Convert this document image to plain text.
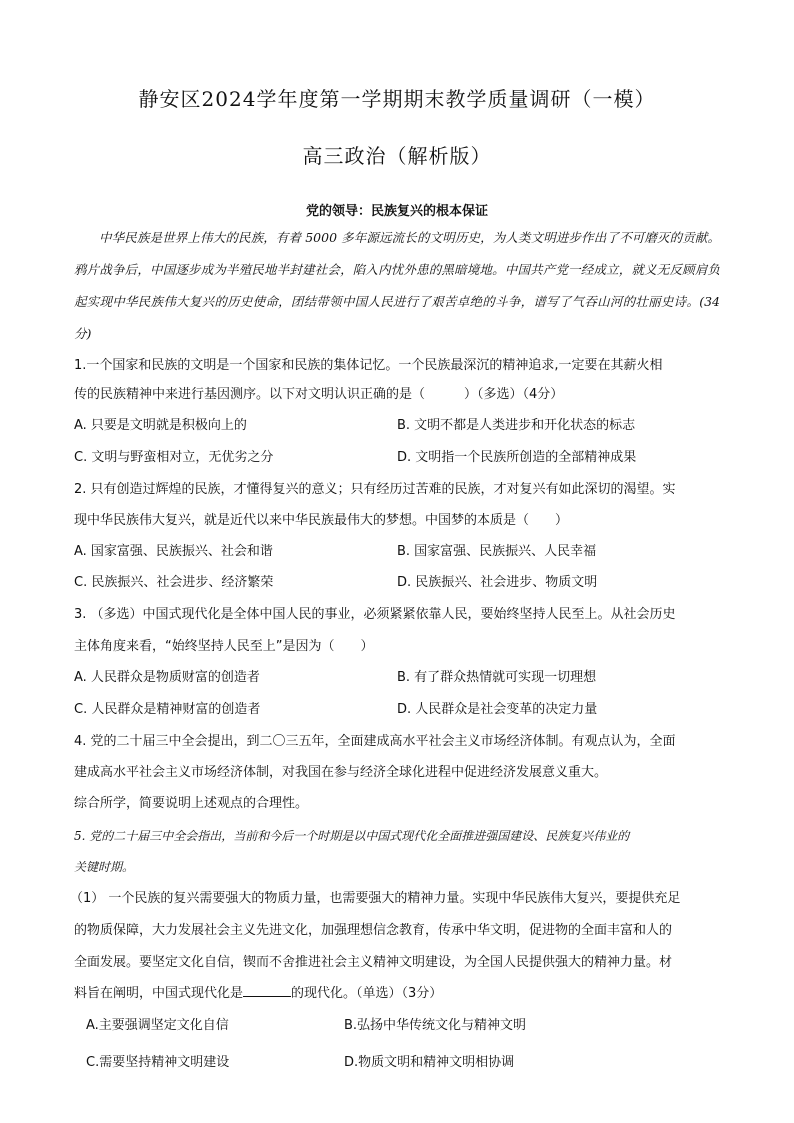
静安区2024学年度第一学期期末教学质量调研（一模）
高三政治（解析版）
党的领导：民族复兴的根本保证
中华民族是世界上伟大的民族，有着 5000 多年源远流长的文明历史，为人类文明进步作出了不可磨灭的贡献。鸦片战争后，中国逐步成为半殖民地半封建社会，陷入内忧外患的黑暗境地。中国共产党一经成立，就义无反顾肩负起实现中华民族伟大复兴的历史使命，团结带领中国人民进行了艰苦卓绝的斗争，谱写了气吞山河的壮丽史诗。(34分)
1.一个国家和民族的文明是一个国家和民族的集体记忆。一个民族最深沉的精神追求,一定要在其薪火相
传的民族精神中来进行基因测序。以下对文明认识正确的是（　　　）（多选）（4分）
A. 只要是文明就是积极向上的	B. 文明不都是人类进步和开化状态的标志
C. 文明与野蛮相对立，无优劣之分	D. 文明指一个民族所创造的全部精神成果
2. 只有创造过辉煌的民族，才懂得复兴的意义；只有经历过苦难的民族，才对复兴有如此深切的渴望。实
现中华民族伟大复兴，就是近代以来中华民族最伟大的梦想。中国梦的本质是（　　）
A. 国家富强、民族振兴、社会和谐	B. 国家富强、民族振兴、人民幸福
C. 民族振兴、社会进步、经济繁荣	D. 民族振兴、社会进步、物质文明
3. （多选）中国式现代化是全体中国人民的事业，必须紧紧依靠人民，要始终坚持人民至上。从社会历史
主体角度来看，“始终坚持人民至上”是因为（　　）
A. 人民群众是物质财富的创造者	B. 有了群众热情就可实现一切理想
C. 人民群众是精神财富的创造者	D. 人民群众是社会变革的决定力量
4. 党的二十届三中全会提出，到二〇三五年，全面建成高水平社会主义市场经济体制。有观点认为，全面
建成高水平社会主义市场经济体制，对我国在参与经济全球化进程中促进经济发展意义重大。
综合所学，简要说明上述观点的合理性。
5. 党的二十届三中全会指出，当前和今后一个时期是以中国式现代化全面推进强国建设、民族复兴伟业的
关键时期。
（1） 一个民族的复兴需要强大的物质力量，也需要强大的精神力量。实现中华民族伟大复兴，要提供充足
的物质保障，大力发展社会主义先进文化，加强理想信念教育，传承中华文明，促进物的全面丰富和人的
全面发展。要坚定文化自信，锲而不舍推进社会主义精神文明建设，为全国人民提供强大的精神力量。材
料旨在阐明，中国式现代化是	的现代化。（单选）（3分）
A.主要强调坚定文化自信	B.弘扬中华传统文化与精神文明
C.需要坚持精神文明建设	D.物质文明和精神文明相协调
